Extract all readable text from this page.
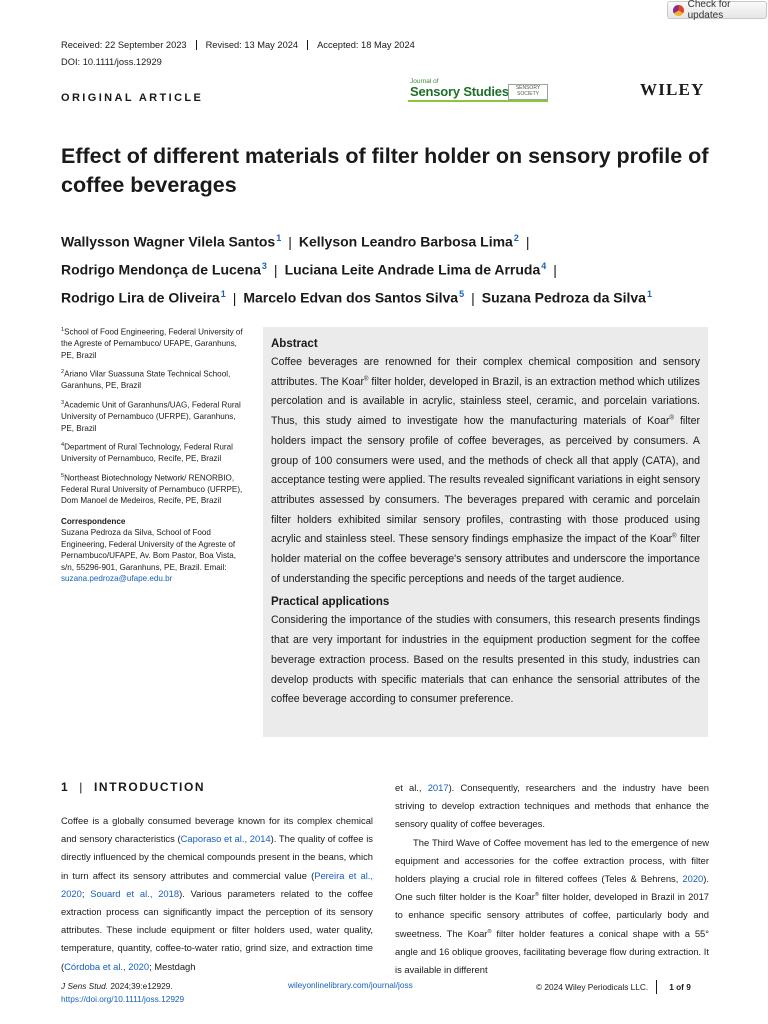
Check for updates
Received: 22 September 2023	Revised: 13 May 2024	Accepted: 18 May 2024
DOI: 10.1111/joss.12929
ORIGINAL ARTICLE
Journal of
Sensory Studies	SENSORY SOCIETY	WILEY
Effect of different materials of filter holder on sensory profile of coffee beverages
Wallysson Wagner Vilela Santos$^1$ | Kellyson Leandro Barbosa Lima$^2$ |
Rodrigo Mendonça de Lucena$^3$ | Luciana Leite Andrade Lima de Arruda$^4$ |
Rodrigo Lira de Oliveira$^1$ | Marcelo Edvan dos Santos Silva$^5$ | Suzana Pedroza da Silva$^1$
$^1$School of Food Engineering, Federal University of the Agreste of Pernambuco/ UFAPE, Garanhuns, PE, Brazil
$^2$Ariano Vilar Suassuna State Technical School, Garanhuns, PE, Brazil
$^3$Academic Unit of Garanhuns/UAG, Federal Rural University of Pernambuco (UFRPE), Garanhuns, PE, Brazil
$^4$Department of Rural Technology, Federal Rural University of Pernambuco, Recife, PE, Brazil
$^5$Northeast Biotechnology Network/ RENORBIO, Federal Rural University of Pernambuco (UFRPE), Dom Manoel de Medeiros, Recife, PE, Brazil
Correspondence
Suzana Pedroza da Silva, School of Food Engineering, Federal University of the Agreste of Pernambuco/UFAPE, Av. Bom Pastor, Boa Vista, s/n, 55296-901, Garanhuns, PE, Brazil. Email: suzana.pedroza@ufape.edu.br
Abstract
Coffee beverages are renowned for their complex chemical composition and sensory attributes. The Koar® filter holder, developed in Brazil, is an extraction method which utilizes percolation and is available in acrylic, stainless steel, ceramic, and porcelain variations. Thus, this study aimed to investigate how the manufacturing materials of Koar® filter holders impact the sensory profile of coffee beverages, as perceived by consumers. A group of 100 consumers were used, and the methods of check all that apply (CATA), and acceptance testing were applied. The results revealed significant variations in eight sensory attributes assessed by consumers. The beverages prepared with ceramic and porcelain filter holders exhibited similar sensory profiles, contrasting with those produced using acrylic and stainless steel. These sensory findings emphasize the impact of the Koar® filter holder material on the coffee beverage's sensory attributes and underscore the importance of understanding the specific perceptions and needs of the target audience.
Practical applications
Considering the importance of the studies with consumers, this research presents findings that are very important for industries in the equipment production segment for the coffee beverage extraction process. Based on the results presented in this study, industries can develop products with specific materials that can enhance the sensorial attributes of the coffee beverage according to consumer preference.
1 | INTRODUCTION

Coffee is a globally consumed beverage known for its complex chemical and sensory characteristics (Caporaso et al., 2014). The quality of coffee is directly influenced by the chemical compounds present in the beans, which in turn affect its sensory attributes and commercial value (Pereira et al., 2020; Souard et al., 2018). Various parameters related to the coffee extraction process can significantly impact the perception of its sensory attributes. These include equipment or filter holders used, water quality, temperature, quantity, coffee-to-water ratio, grind size, and extraction time (Córdoba et al., 2020; Mestdagh

et al., 2017). Consequently, researchers and the industry have been striving to develop extraction techniques and methods that enhance the sensory quality of coffee beverages.

The Third Wave of Coffee movement has led to the emergence of new equipment and accessories for the coffee extraction process, with filter holders playing a crucial role in filtered coffees (Teles & Behrens, 2020). One such filter holder is the Koar® filter holder, developed in Brazil in 2017 to enhance specific sensory attributes of coffee, particularly body and sweetness. The Koar® filter holder features a conical shape with a 55° angle and 16 oblique grooves, facilitating beverage flow during extraction. It is available in different

J Sens Stud. 2024;39:e12929.
https://doi.org/10.1111/joss.12929
wileyonlinelibrary.com/journal/joss	© 2024 Wiley Periodicals LLC.	1 of 9
